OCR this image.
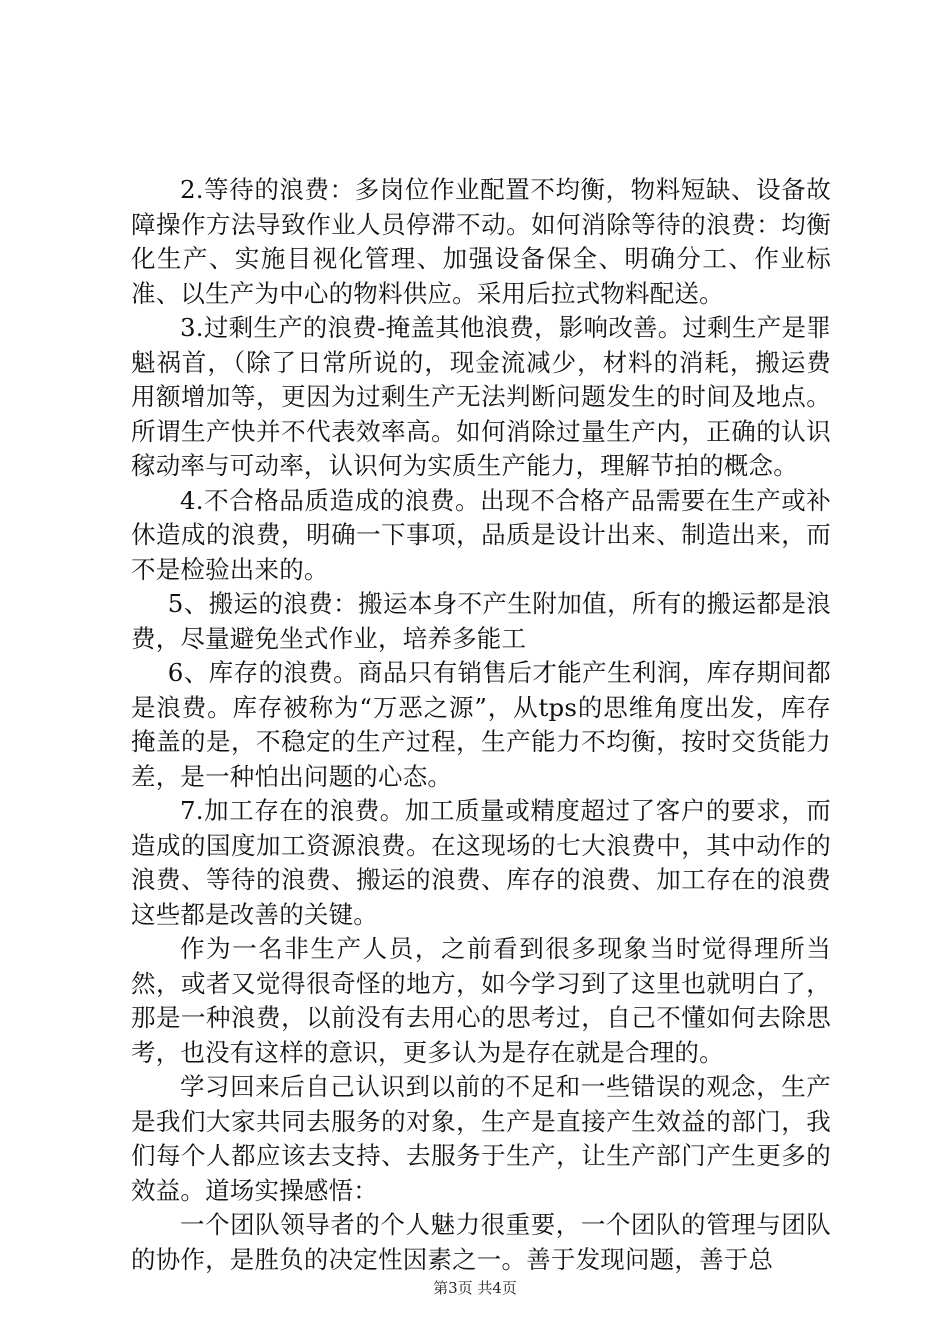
2.等待的浪费：多岗位作业配置不均衡，物料短缺、设备故障操作方法导致作业人员停滞不动。如何消除等待的浪费：均衡化生产、实施目视化管理、加强设备保全、明确分工、作业标准、以生产为中心的物料供应。采用后拉式物料配送。

3.过剩生产的浪费-掩盖其他浪费，影响改善。过剩生产是罪魁祸首，（除了日常所说的，现金流减少，材料的消耗，搬运费用额增加等，更因为过剩生产无法判断问题发生的时间及地点。所谓生产快并不代表效率高。如何消除过量生产内，正确的认识稼动率与可动率，认识何为实质生产能力，理解节拍的概念。

4.不合格品质造成的浪费。出现不合格产品需要在生产或补休造成的浪费，明确一下事项，品质是设计出来、制造出来，而不是检验出来的。

5、搬运的浪费：搬运本身不产生附加值，所有的搬运都是浪费，尽量避免坐式作业，培养多能工

6、库存的浪费。商品只有销售后才能产生利润，库存期间都是浪费。库存被称为“万恶之源”，从tps的思维角度出发，库存掩盖的是，不稳定的生产过程，生产能力不均衡，按时交货能力差，是一种怕出问题的心态。

7.加工存在的浪费。加工质量或精度超过了客户的要求，而造成的国度加工资源浪费。在这现场的七大浪费中，其中动作的浪费、等待的浪费、搬运的浪费、库存的浪费、加工存在的浪费这些都是改善的关键。

作为一名非生产人员，之前看到很多现象当时觉得理所当然，或者又觉得很奇怪的地方，如今学习到了这里也就明白了，那是一种浪费，以前没有去用心的思考过，自己不懂如何去除思考，也没有这样的意识，更多认为是存在就是合理的。

学习回来后自己认识到以前的不足和一些错误的观念，生产是我们大家共同去服务的对象，生产是直接产生效益的部门，我们每个人都应该去支持、去服务于生产，让生产部门产生更多的效益。道场实操感悟：

一个团队领导者的个人魅力很重要，一个团队的管理与团队的协作，是胜负的决定性因素之一。善于发现问题，善于总

第3页 共4页
